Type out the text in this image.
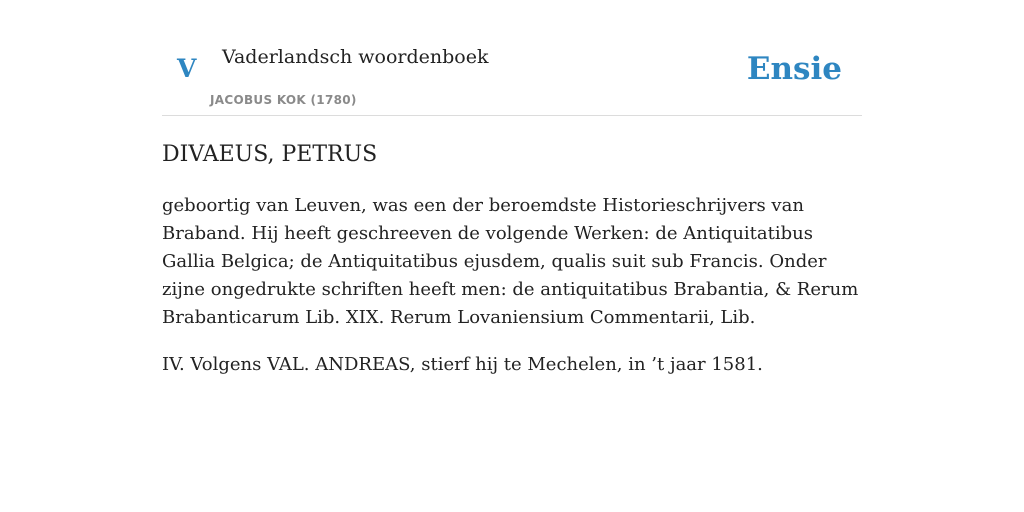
V Vaderlandsch woordenboek
JACOBUS KOK (1780)
Ensie
DIVAEUS, PETRUS

geboortig van Leuven, was een der beroemdste Historieschrijvers van Braband. Hij heeft geschreeven de volgende Werken: de Antiquitatibus Gallia Belgica; de Antiquitatibus ejusdem, qualis suit sub Francis. Onder zijne ongedrukte schriften heeft men: de antiquitatibus Brabantia, & Rerum Brabanticarum Lib. XIX. Rerum Lovaniensium Commentarii, Lib.

IV. Volgens VAL. ANDREAS, stierf hij te Mechelen, in ’t jaar 1581.
